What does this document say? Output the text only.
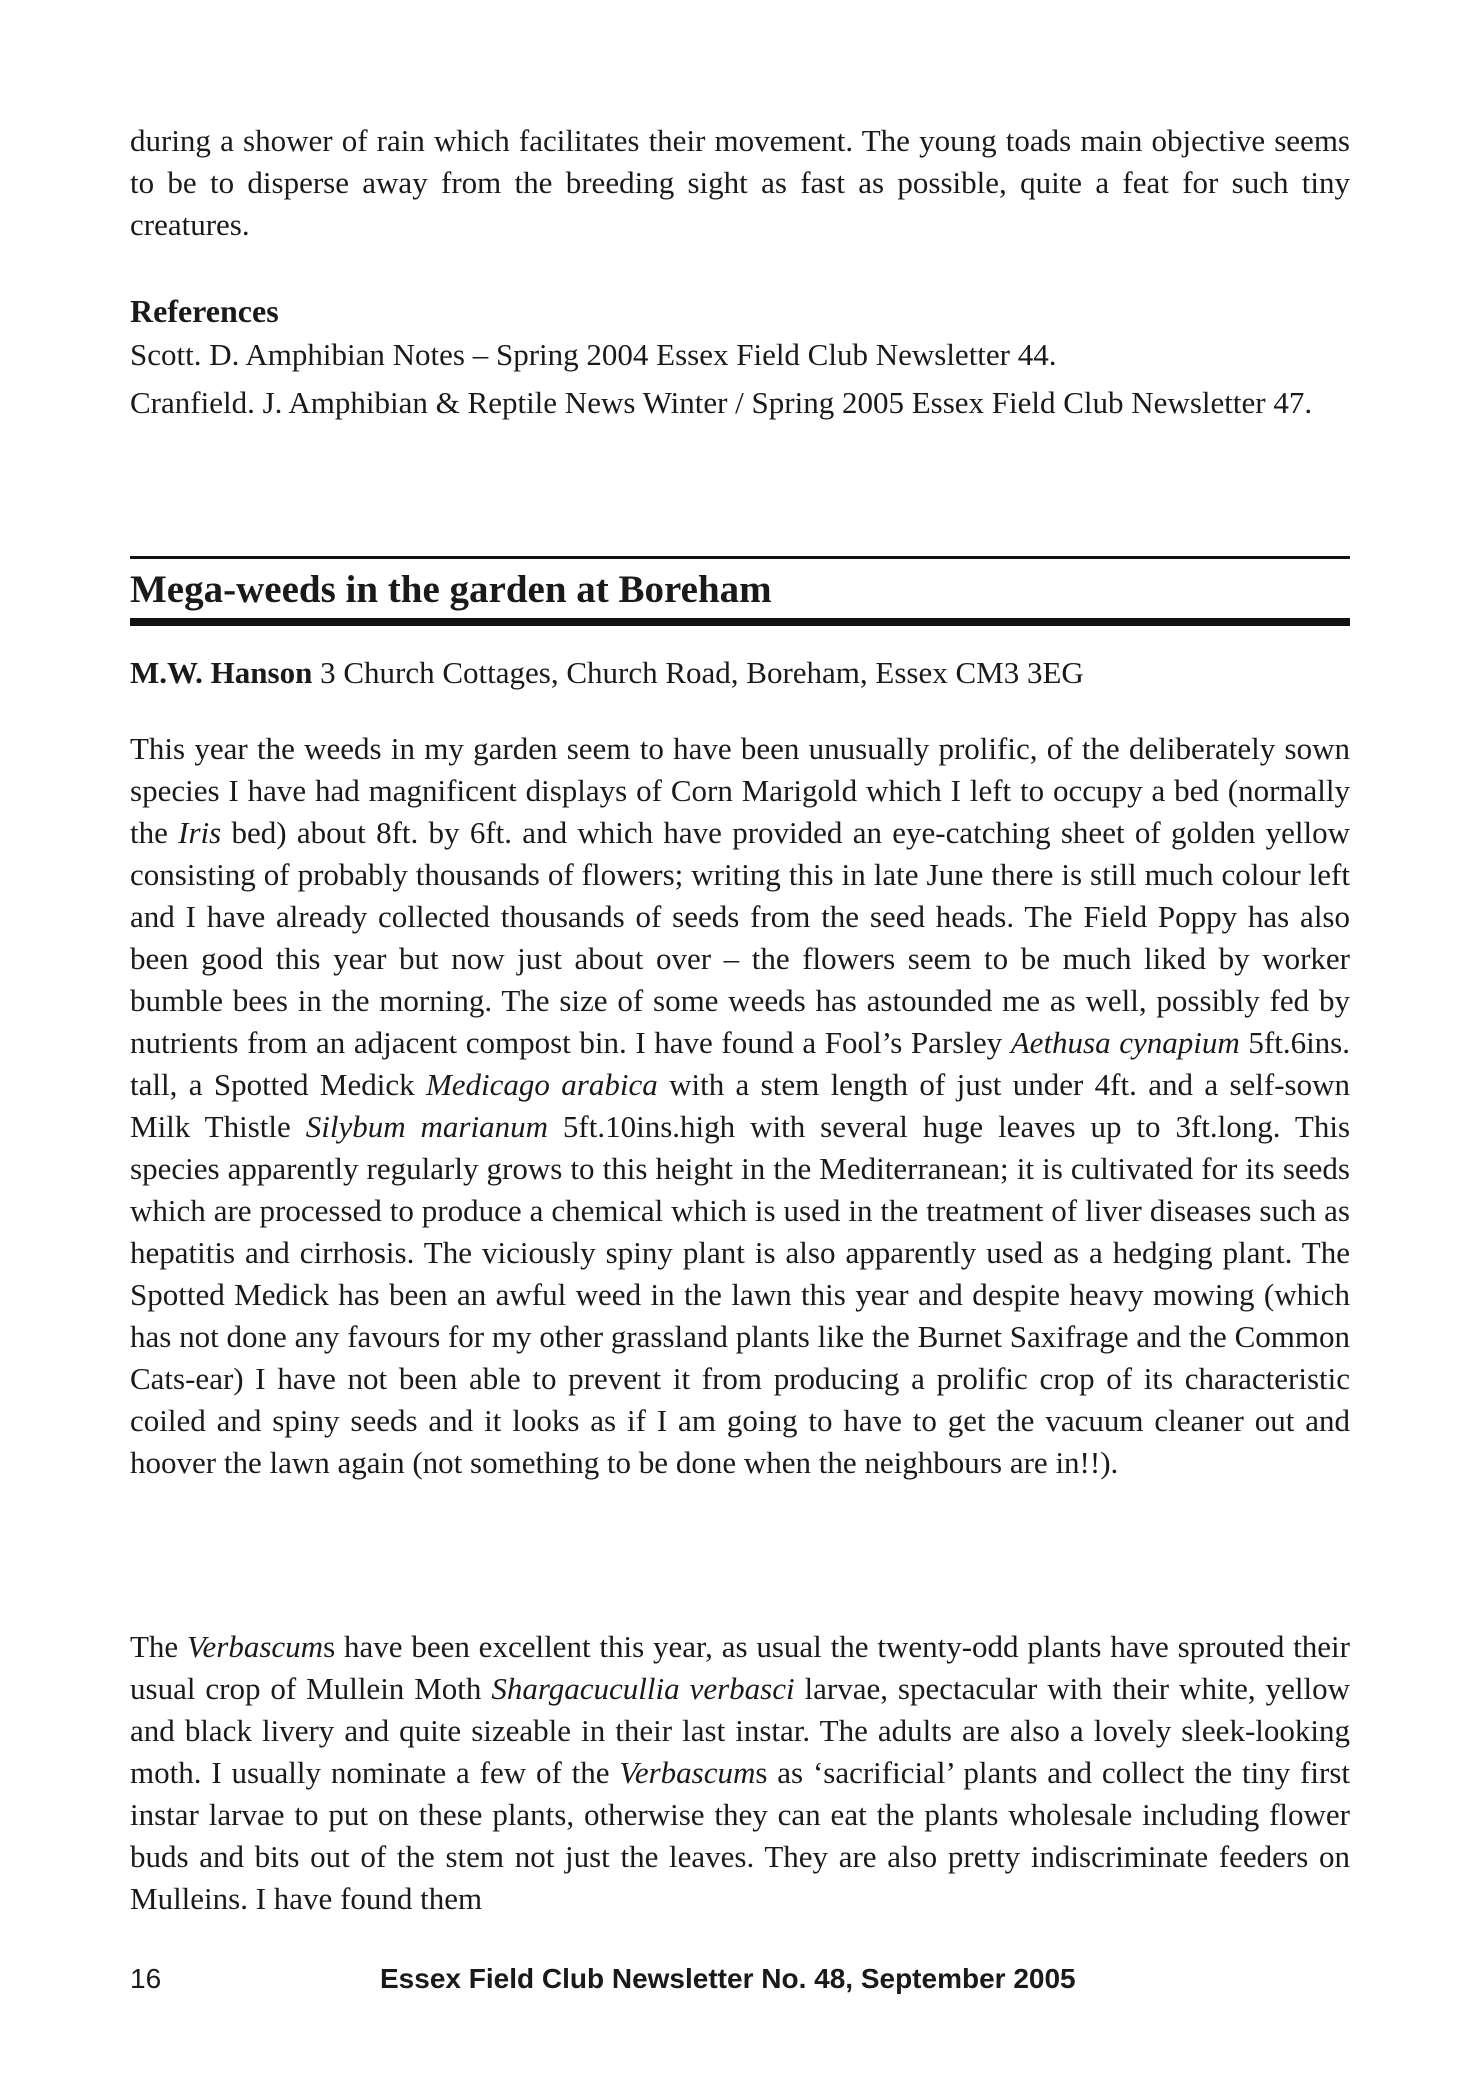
during a shower of rain which facilitates their movement. The young toads main objective seems to be to disperse away from the breeding sight as fast as possible, quite a feat for such tiny creatures.

References

Scott. D. Amphibian Notes – Spring 2004 Essex Field Club Newsletter 44.

Cranfield. J. Amphibian & Reptile News Winter / Spring 2005 Essex Field Club Newsletter 47.

Mega-weeds in the garden at Boreham

M.W. Hanson 3 Church Cottages, Church Road, Boreham, Essex CM3 3EG

This year the weeds in my garden seem to have been unusually prolific, of the deliberately sown species I have had magnificent displays of Corn Marigold which I left to occupy a bed (normally the Iris bed) about 8ft. by 6ft. and which have provided an eye-catching sheet of golden yellow consisting of probably thousands of flowers; writing this in late June there is still much colour left and I have already collected thousands of seeds from the seed heads. The Field Poppy has also been good this year but now just about over – the flowers seem to be much liked by worker bumble bees in the morning. The size of some weeds has astounded me as well, possibly fed by nutrients from an adjacent compost bin. I have found a Fool’s Parsley Aethusa cynapium 5ft.6ins. tall, a Spotted Medick Medicago arabica with a stem length of just under 4ft. and a self-sown Milk Thistle Silybum marianum 5ft.10ins.high with several huge leaves up to 3ft.long. This species apparently regularly grows to this height in the Mediterranean; it is cultivated for its seeds which are processed to produce a chemical which is used in the treatment of liver diseases such as hepatitis and cirrhosis. The viciously spiny plant is also apparently used as a hedging plant. The Spotted Medick has been an awful weed in the lawn this year and despite heavy mowing (which has not done any favours for my other grassland plants like the Burnet Saxifrage and the Common Cats-ear) I have not been able to prevent it from producing a prolific crop of its characteristic coiled and spiny seeds and it looks as if I am going to have to get the vacuum cleaner out and hoover the lawn again (not something to be done when the neighbours are in!!).

The Verbascums have been excellent this year, as usual the twenty-odd plants have sprouted their usual crop of Mullein Moth Shargacucullia verbasci larvae, spectacular with their white, yellow and black livery and quite sizeable in their last instar. The adults are also a lovely sleek-looking moth. I usually nominate a few of the Verbascums as ‘sacrificial’ plants and collect the tiny first instar larvae to put on these plants, otherwise they can eat the plants wholesale including flower buds and bits out of the stem not just the leaves. They are also pretty indiscriminate feeders on Mulleins. I have found them

16	Essex Field Club Newsletter No. 48, September 2005
